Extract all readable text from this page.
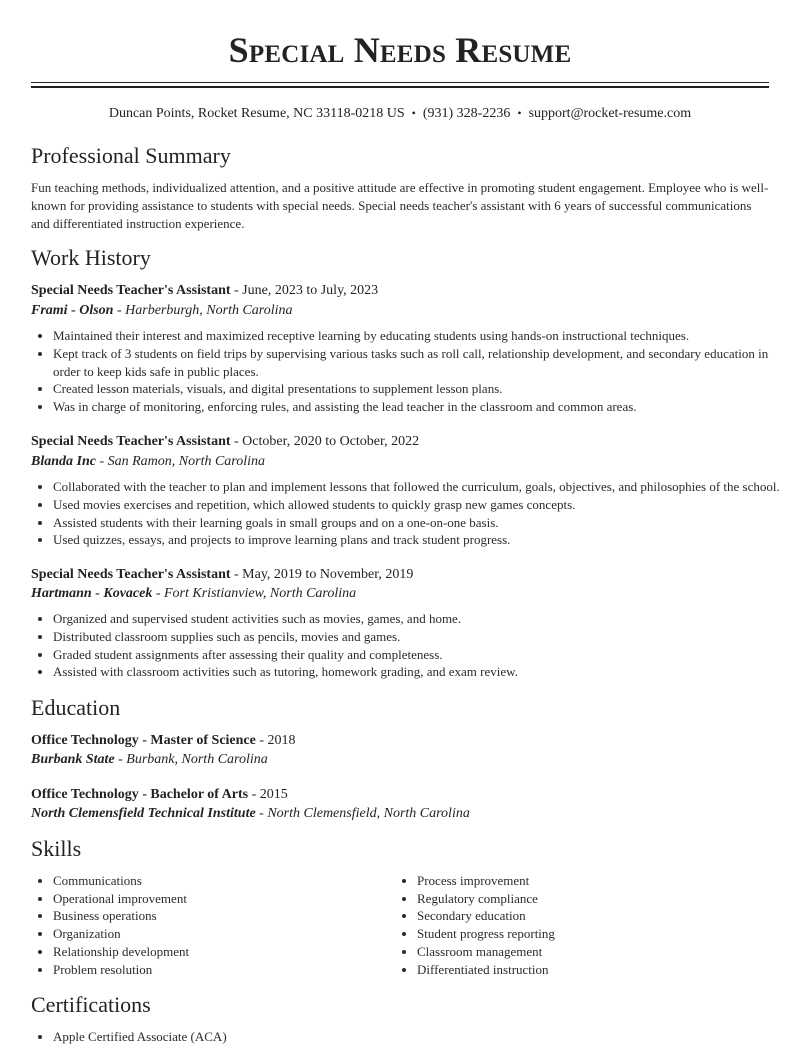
Special Needs Resume
Duncan Points, Rocket Resume, NC 33118-0218 US • (931) 328-2236 • support@rocket-resume.com
Professional Summary

Fun teaching methods, individualized attention, and a positive attitude are effective in promoting student engagement. Employee who is well-known for providing assistance to students with special needs. Special needs teacher's assistant with 6 years of successful communications and differentiated instruction experience.

Work History
Special Needs Teacher's Assistant - June, 2023 to July, 2023
Frami - Olson - Harberburgh, North Carolina
• Maintained their interest and maximized receptive learning by educating students using hands-on instructional techniques.
• Kept track of 3 students on field trips by supervising various tasks such as roll call, relationship development, and secondary education in order to keep kids safe in public places.
• Created lesson materials, visuals, and digital presentations to supplement lesson plans.
• Was in charge of monitoring, enforcing rules, and assisting the lead teacher in the classroom and common areas.
Special Needs Teacher's Assistant - October, 2020 to October, 2022
Blanda Inc - San Ramon, North Carolina
• Collaborated with the teacher to plan and implement lessons that followed the curriculum, goals, objectives, and philosophies of the school.
• Used movies exercises and repetition, which allowed students to quickly grasp new games concepts.
• Assisted students with their learning goals in small groups and on a one-on-one basis.
• Used quizzes, essays, and projects to improve learning plans and track student progress.
Special Needs Teacher's Assistant - May, 2019 to November, 2019
Hartmann - Kovacek - Fort Kristianview, North Carolina
• Organized and supervised student activities such as movies, games, and home.
• Distributed classroom supplies such as pencils, movies and games.
• Graded student assignments after assessing their quality and completeness.
• Assisted with classroom activities such as tutoring, homework grading, and exam review.
Education
Office Technology - Master of Science - 2018
Burbank State - Burbank, North Carolina
Office Technology - Bachelor of Arts - 2015
North Clemensfield Technical Institute - North Clemensfield, North Carolina
Skills
• Communications
• Operational improvement
• Business operations
• Organization
• Relationship development
• Problem resolution
• Process improvement
• Regulatory compliance
• Secondary education
• Student progress reporting
• Classroom management
• Differentiated instruction
Certifications
• Apple Certified Associate (ACA)
